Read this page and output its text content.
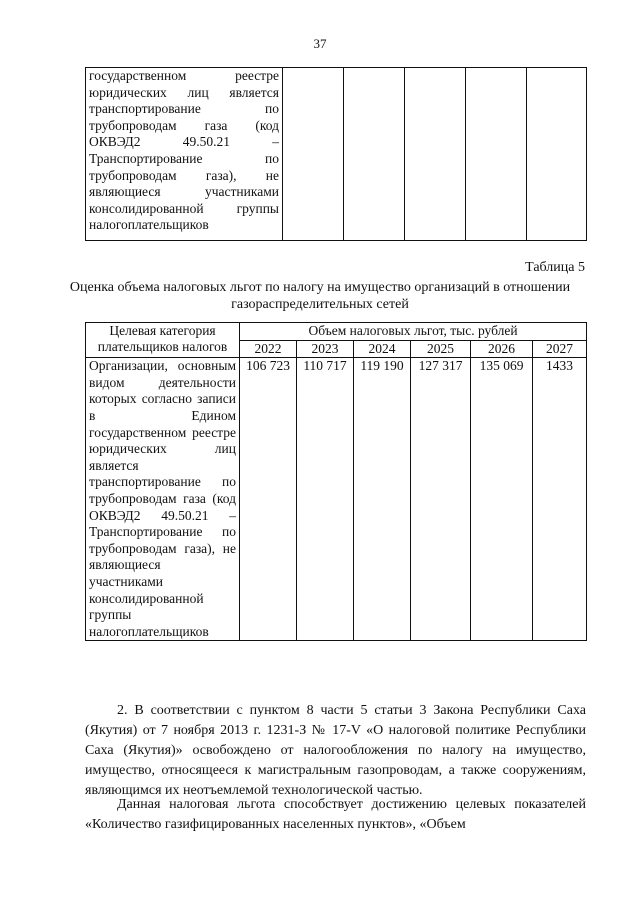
37
государственном реестре юридических лиц является транспортирование по трубопроводам газа (код ОКВЭД2 49.50.21 – Транспортирование по трубопроводам газа), не являющиеся участниками консолидированной группы налогоплательщиков					
Таблица 5
Оценка объема налоговых льгот по налогу на имущество организаций в отношении газораспределительных сетей
Целевая категория плательщиков налогов	Объем налоговых льгот, тыс. рублей					
	2022	2023	2024	2025	2026	2027
Организации, основным видом деятельности которых согласно записи в Едином государственном реестре юридических лиц является транспортирование по трубопроводам газа (код ОКВЭД2 49.50.21 – Транспортирование по трубопроводам газа), не являющиеся участниками консолидированной группы налогоплательщиков	106 723	110 717	119 190	127 317	135 069	1433
2. В соответствии с пунктом 8 части 5 статьи 3 Закона Республики Саха (Якутия) от 7 ноября 2013 г. 1231-З № 17-V «О налоговой политике Республики Саха (Якутия)» освобождено от налогообложения по налогу на имущество, имущество, относящееся к магистральным газопроводам, а также сооружениям, являющимся их неотъемлемой технологической частью.
Данная налоговая льгота способствует достижению целевых показателей «Количество газифицированных населенных пунктов», «Объем
